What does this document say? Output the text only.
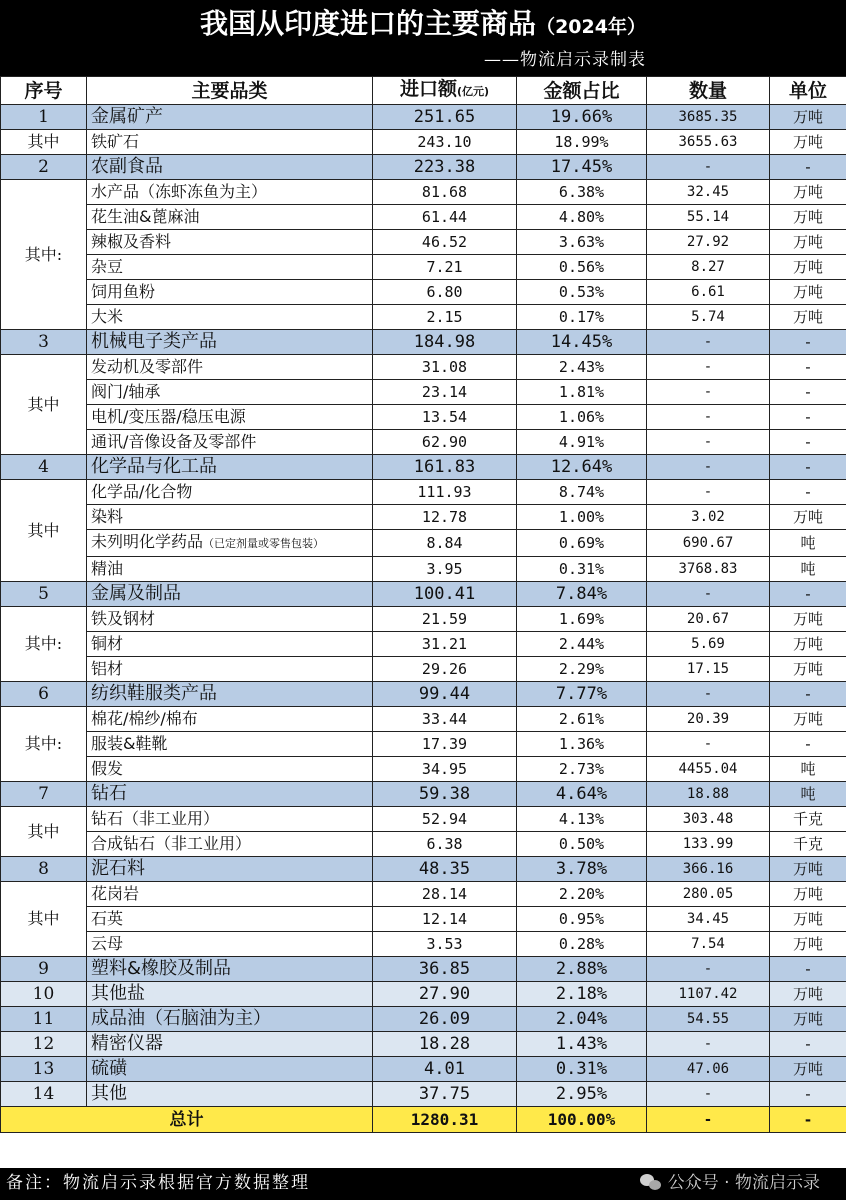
我国从印度进口的主要商品（2024年）
——物流启示录制表
序号	主要品类	进口额(亿元)	金额占比	数量	单位
1	金属矿产	251.65	19.66%	3685.35	万吨
其中	铁矿石	243.10	18.99%	3655.63	万吨
2	农副食品	223.38	17.45%	-	-
其中:	水产品（冻虾冻鱼为主）	81.68	6.38%	32.45	万吨
	花生油&蓖麻油	61.44	4.80%	55.14	万吨
	辣椒及香料	46.52	3.63%	27.92	万吨
	杂豆	7.21	0.56%	8.27	万吨
	饲用鱼粉	6.80	0.53%	6.61	万吨
	大米	2.15	0.17%	5.74	万吨
3	机械电子类产品	184.98	14.45%	-	-
其中	发动机及零部件	31.08	2.43%	-	-
	阀门/轴承	23.14	1.81%	-	-
	电机/变压器/稳压电源	13.54	1.06%	-	-
	通讯/音像设备及零部件	62.90	4.91%	-	-
4	化学品与化工品	161.83	12.64%	-	-
其中	化学品/化合物	111.93	8.74%	-	-
	染料	12.78	1.00%	3.02	万吨
	未列明化学药品（已定剂量或零售包装）	8.84	0.69%	690.67	吨
	精油	3.95	0.31%	3768.83	吨
5	金属及制品	100.41	7.84%	-	-
其中:	铁及钢材	21.59	1.69%	20.67	万吨
	铜材	31.21	2.44%	5.69	万吨
	铝材	29.26	2.29%	17.15	万吨
6	纺织鞋服类产品	99.44	7.77%	-	-
其中:	棉花/棉纱/棉布	33.44	2.61%	20.39	万吨
	服装&鞋靴	17.39	1.36%	-	-
	假发	34.95	2.73%	4455.04	吨
7	钻石	59.38	4.64%	18.88	吨
其中	钻石（非工业用）	52.94	4.13%	303.48	千克
	合成钻石（非工业用）	6.38	0.50%	133.99	千克
8	泥石料	48.35	3.78%	366.16	万吨
其中	花岗岩	28.14	2.20%	280.05	万吨
	石英	12.14	0.95%	34.45	万吨
	云母	3.53	0.28%	7.54	万吨
9	塑料&橡胶及制品	36.85	2.88%	-	-
10	其他盐	27.90	2.18%	1107.42	万吨
11	成品油（石脑油为主）	26.09	2.04%	54.55	万吨
12	精密仪器	18.28	1.43%	-	-
13	硫磺	4.01	0.31%	47.06	万吨
14	其他	37.75	2.95%	-	-
总计		1280.31	100.00%	-	-
备注：物流启示录根据官方数据整理	公众号 · 物流启示录
